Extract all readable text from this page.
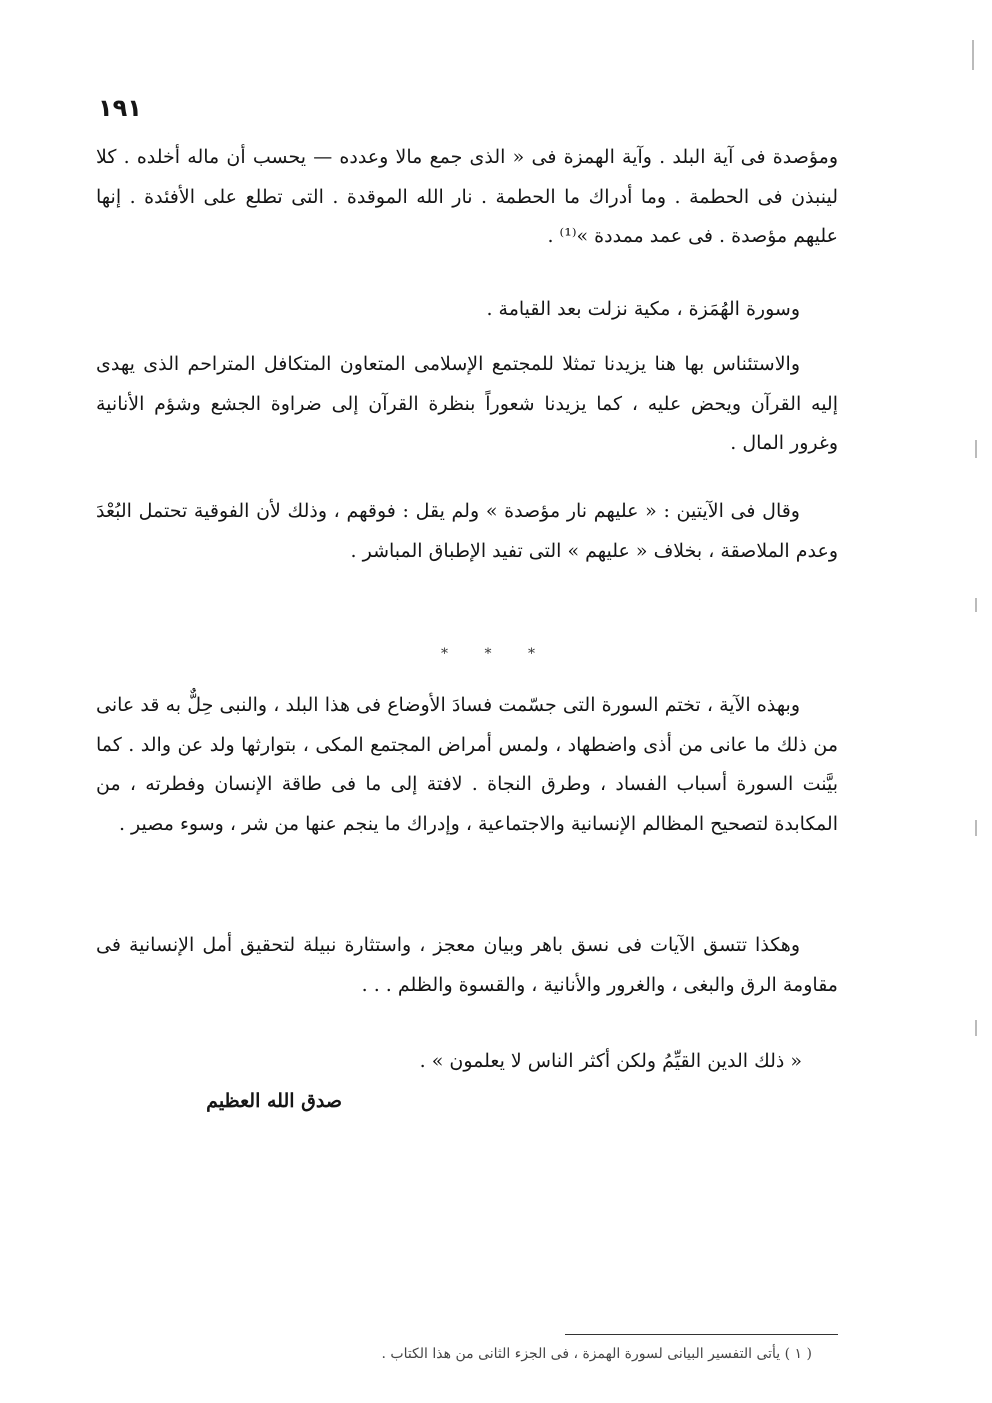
١٩١

ومؤصدة فى آية البلد . وآية الهمزة فى « الذى جمع مالا وعدده — يحسب أن ماله أخلده . كلا لينبذن فى الحطمة . وما أدراك ما الحطمة . نار الله الموقدة . التى تطلع على الأفئدة . إنها عليهم مؤصدة . فى عمد ممددة »⁽¹⁾ .

وسورة الهُمَزة ، مكية نزلت بعد القيامة .

والاستئناس بها هنا يزيدنا تمثلا للمجتمع الإسلامى المتعاون المتكافل المتراحم الذى يهدى إليه القرآن ويحض عليه ، كما يزيدنا شعوراً بنظرة القرآن إلى ضراوة الجشع وشؤم الأنانية وغرور المال .

وقال فى الآيتين : « عليهم نار مؤصدة » ولم يقل : فوقهم ، وذلك لأن الفوقية تحتمل البُعْدَ وعدم الملاصقة ، بخلاف « عليهم » التى تفيد الإطباق المباشر .

* * *

وبهذه الآية ، تختم السورة التى جسّمت فسادَ الأوضاع فى هذا البلد ، والنبى حِلٌّ به قد عانى من ذلك ما عانى من أذى واضطهاد ، ولمس أمراض المجتمع المكى ، بتوارثها ولد عن والد . كما بيَّنت السورة أسباب الفساد ، وطرق النجاة . لافتة إلى ما فى طاقة الإنسان وفطرته ، من المكابدة لتصحيح المظالم الإنسانية والاجتماعية ، وإدراك ما ينجم عنها من شر ، وسوء مصير .

وهكذا تتسق الآيات فى نسق باهر وبيان معجز ، واستثارة نبيلة لتحقيق أمل الإنسانية فى مقاومة الرق والبغى ، والغرور والأنانية ، والقسوة والظلم . . .

« ذلك الدين القيِّمُ ولكن أكثر الناس لا يعلمون » .

صدق الله العظيم

( ١ ) يأتى التفسير البيانى لسورة الهمزة ، فى الجزء الثانى من هذا الكتاب .
